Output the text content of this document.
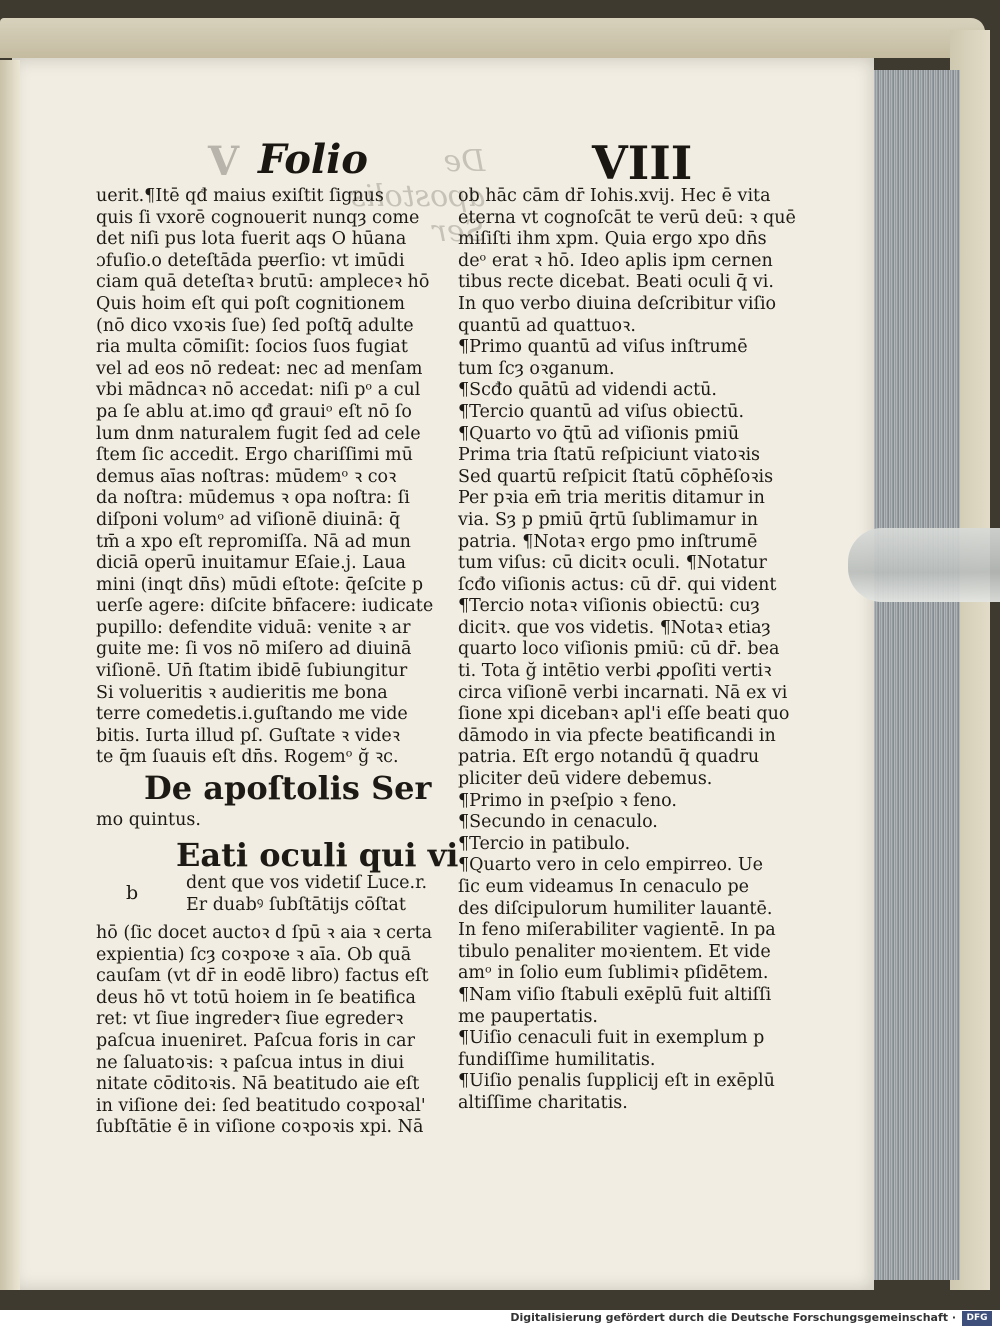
V Folio	De apostolis Ser
VIII
uerit.¶Itē qđ maius exiſtit ſignus
quis ſi vxorē cognouerit nunqȝ come
det niſi pus lota fuerit aqs O hūana
ɔfuſio.o deteſtāda pᵾerſio: vt imūdi
ciam quā deteſtaꝛ bɾutū: ampleceꝛ hō
Quis hoim eſt qui poſt cognitionem
(nō dico vxoꝛis ſue) ſed poſtq̄ adulte
ria multa cōmiſit: ſocios ſuos fugiat
vel ad eos nō redeat: nec ad menſam
vbi mādncaꝛ nō accedat: niſi pᵒ a cul
pa ſe ablu at.imo qđ grauiᵒ eſt nō ſo
lum dnm naturalem fugit ſed ad cele
ſtem ſic accedit. Ergo chariſſimi mū
demus aīas noſtras: mūdemᵒ ꝛ coꝛ
da noſtra: mūdemus ꝛ opa noſtra: ſi
diſponi volumᵒ ad viſionē diuinā: q̄
tm̄ a xpo eſt repromiſſa. Nā ad mun
diciā operū inuitamur Eſaie.j. Laua
mini (inqt dn̄s) mūdi eſtote: q̄eſcite p
uerſe agere: diſcite bn̄facere: iudicate
pupillo: defendite viduā: venite ꝛ ar
guite me: ſi vos nō miſero ad diuinā
viſionē. Un̄ ſtatim ibidē ſubiungitur
Si volueritis ꝛ audieritis me bona
terre comedetis.i.guſtando me vide
bitis. Iurta illud pſ. Guſtate ꝛ videꝛ
te q̄m ſuauis eſt dn̄s. Rogemᵒ ğ ꝛc.
De apoſtolis Ser
mo quintus.
Eati oculi qui vi
b	dent que vos videtiſ Luce.r.
Er duabꝰ ſubſtātijs cōſtat
hō (ſic docet auctoꝛ d ſpū ꝛ aia ꝛ certa
expientia) ſcȝ coꝛpoꝛe ꝛ aīa. Ob quā
cauſam (vt dr̄ in eodē libro) factus eſt
deus hō vt totū hoiem in ſe beatifica
ret: vt ſiue ingrederꝛ ſiue egrederꝛ
paſcua inueniret. Paſcua foris in car
ne ſaluatoꝛis: ꝛ paſcua intus in diui
nitate cōditoꝛis. Nā beatitudo aie eſt
in viſione dei: ſed beatitudo coꝛpoꝛal'
ſubſtātie ē in viſione coꝛpoꝛis xpi. Nā
ob hāc cām dr̄ Iohis.xvij. Hec ē vita
eterna vt cognoſcāt te verū deū: ꝛ quē
miſiſti ihm xpm. Quia ergo xpo dn̄s
deᵒ erat ꝛ hō. Ideo aplis ipm cernen
tibus recte dicebat. Beati oculi q̄ vi.
In quo verbo diuina deſcribitur viſio
quantū ad quattuoꝛ.
¶Primo quantū ad viſus inſtrumē
tum ſcȝ oꝛganum.
¶Scđo quātū ad videndi actū.
¶Tercio quantū ad viſus obiectū.
¶Quarto vo q̄tū ad viſionis pmiū
Prima tria ſtatū reſpiciunt viatoꝛis
Sed quartū reſpicit ſtatū cōphēſoꝛis
Per pꝛia em̄ tria meritis ditamur in
via. Sȝ p pmiū q̄rtū ſublimamur in
patria. ¶Notaꝛ ergo pmo inſtrumē
tum viſus: cū dicitꝛ oculi. ¶Notatur
ſcđo viſionis actus: cū dr̄. qui vident
¶Tercio notaꝛ viſionis obiectū: cuȝ
dicitꝛ. que vos videtis. ¶Notaꝛ etiaȝ
quarto loco viſionis pmiū: cū dr̄. bea
ti. Tota ğ intētio verbi ꝓpoſiti vertiꝛ
circa viſionē verbi incarnati. Nā ex vi
ſione xpi dicebanꝛ apl'i eſſe beati quo
dāmodo in via pfecte beatificandi in
patria. Eſt ergo notandū q̄ quadru
pliciter deū videre debemus.
¶Primo in pꝛeſpio ꝛ feno.
¶Secundo in cenaculo.
¶Tercio in patibulo.
¶Quarto vero in celo empirreo. Ue
ſic eum videamus In cenaculo pe
des diſcipulorum humiliter lauantē.
In feno miſerabiliter vagientē. In pa
tibulo penaliter moꝛientem. Et vide
amᵒ in ſolio eum ſublimiꝛ pſidētem.
¶Nam viſio ſtabuli exēplū fuit altiſſi
me paupertatis.
¶Uiſio cenaculi fuit in exemplum p
fundiſſime humilitatis.
¶Uiſio penalis ſupplicij eſt in exēplū
altiſſime charitatis.
Digitalisierung gefördert durch die Deutsche Forschungsgemeinschaft ·	DFG
